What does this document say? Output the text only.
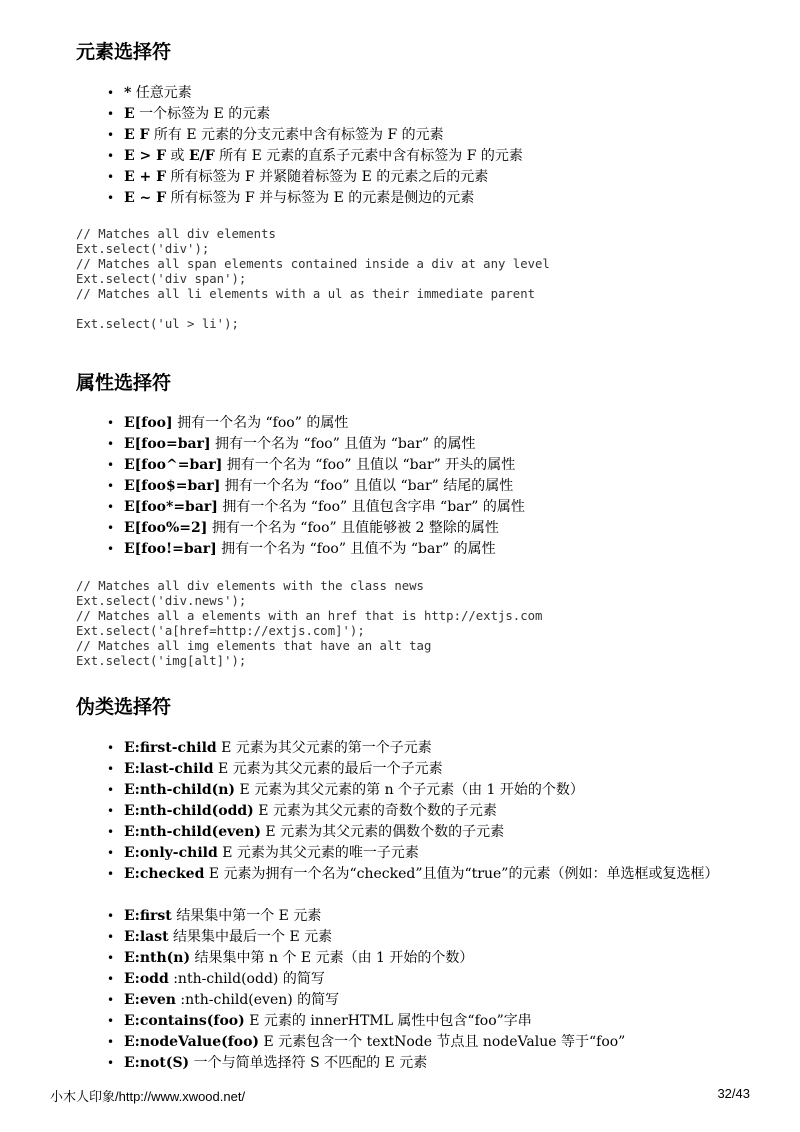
元素选择符
• * 任意元素
• E 一个标签为 E 的元素
• E F 所有 E 元素的分支元素中含有标签为 F 的元素
• E > F 或 E/F 所有 E 元素的直系子元素中含有标签为 F 的元素
• E + F 所有标签为 F 并紧随着标签为 E 的元素之后的元素
• E ~ F 所有标签为 F 并与标签为 E 的元素是侧边的元素
// Matches all div elements
Ext.select('div');
// Matches all span elements contained inside a div at any level
Ext.select('div span');
// Matches all li elements with a ul as their immediate parent

Ext.select('ul > li');
属性选择符
• E[foo] 拥有一个名为 “foo” 的属性
• E[foo=bar] 拥有一个名为 “foo” 且值为 “bar” 的属性
• E[foo^=bar] 拥有一个名为 “foo” 且值以 “bar” 开头的属性
• E[foo$=bar] 拥有一个名为 “foo” 且值以 “bar” 结尾的属性
• E[foo*=bar] 拥有一个名为 “foo” 且值包含字串 “bar” 的属性
• E[foo%=2] 拥有一个名为 “foo” 且值能够被 2 整除的属性
• E[foo!=bar] 拥有一个名为 “foo” 且值不为 “bar” 的属性
// Matches all div elements with the class news
Ext.select('div.news');
// Matches all a elements with an href that is http://extjs.com
Ext.select('a[href=http://extjs.com]');
// Matches all img elements that have an alt tag
Ext.select('img[alt]');
伪类选择符
• E:first-child E 元素为其父元素的第一个子元素
• E:last-child E 元素为其父元素的最后一个子元素
• E:nth-child(n) E 元素为其父元素的第 n 个子元素（由 1 开始的个数）
• E:nth-child(odd) E 元素为其父元素的奇数个数的子元素
• E:nth-child(even) E 元素为其父元素的偶数个数的子元素
• E:only-child E 元素为其父元素的唯一子元素
• E:checked E 元素为拥有一个名为“checked”且值为“true”的元素（例如：单选框或复选框）
• E:first 结果集中第一个 E 元素
• E:last 结果集中最后一个 E 元素
• E:nth(n) 结果集中第 n 个 E 元素（由 1 开始的个数）
• E:odd :nth-child(odd) 的简写
• E:even :nth-child(even) 的简写
• E:contains(foo) E 元素的 innerHTML 属性中包含“foo”字串
• E:nodeValue(foo) E 元素包含一个 textNode 节点且 nodeValue 等于“foo”
• E:not(S) 一个与简单选择符 S 不匹配的 E 元素
小木人印象/http://www.xwood.net/	32/43
